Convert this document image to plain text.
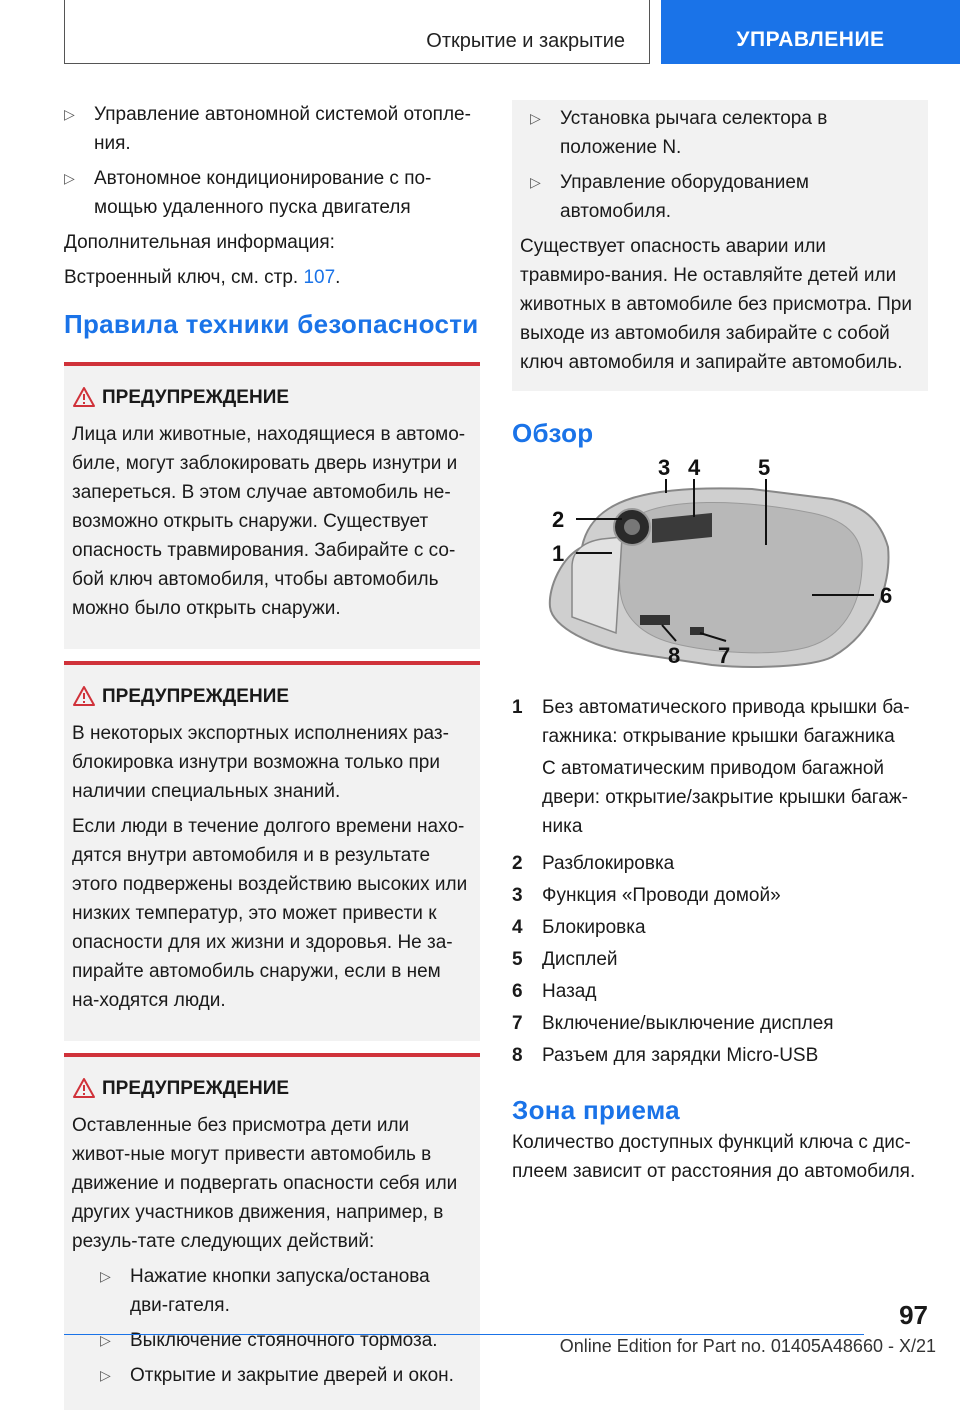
Открытие и закрытие	УПРАВЛЕНИЕ
▷ Управление автономной системой отопле-ния.
▷ Автономное кондиционирование с по-мощью удаленного пуска двигателя

Дополнительная информация:

Встроенный ключ, см. стр. 107.

Правила техники безопасности
ПРЕДУПРЕЖДЕНИЕ

Лица или животные, находящиеся в автомо-биле, могут заблокировать дверь изнутри и запереться. В этом случае автомобиль не-возможно открыть снаружи. Существует опасность травмирования. Забирайте с со-бой ключ автомобиля, чтобы автомобиль можно было открыть снаружи.

ПРЕДУПРЕЖДЕНИЕ

В некоторых экспортных исполнениях раз-блокировка изнутри возможна только при наличии специальных знаний.

Если люди в течение долгого времени нахо-дятся внутри автомобиля и в результате этого подвержены воздействию высоких или низких температур, это может привести к опасности для их жизни и здоровья. Не за-пирайте автомобиль снаружи, если в нем на-ходятся люди.

ПРЕДУПРЕЖДЕНИЕ

Оставленные без присмотра дети или живот-ные могут привести автомобиль в движение и подвергать опасности себя или других участников движения, например, в резуль-тате следующих действий:

▷ Нажатие кнопки запуска/останова дви-гателя.
▷ Выключение стояночного тормоза.
▷ Открытие и закрытие дверей и окон.
▷ Установка рычага селектора в положение N.
▷ Управление оборудованием автомобиля.

Существует опасность аварии или травмиро-вания. Не оставляйте детей или животных в автомобиле без присмотра. При выходе из автомобиля забирайте с собой ключ автомобиля и запирайте автомобиль.

Обзор
3 4	5
2
1
6
8 7
1 Без автоматического привода крышки ба-гажника: открывание крышки багажника
С автоматическим приводом багажной двери: открытие/закрытие крышки багаж-ника
2 Разблокировка
3 Функция «Проводи домой»
4 Блокировка
5 Дисплей
6 Назад
7 Включение/выключение дисплея
8 Разъем для зарядки Micro-USB
Зона приема

Количество доступных функций ключа с дис-плеем зависит от расстояния до автомобиля.

97
Online Edition for Part no. 01405A48660 - X/21
